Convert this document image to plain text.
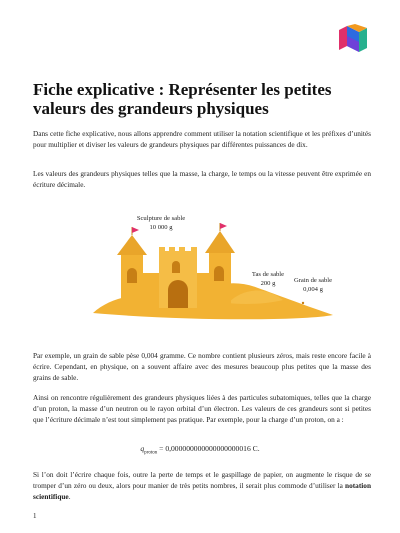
Fiche explicative : Représenter les petites valeurs des grandeurs physiques

Dans cette fiche explicative, nous allons apprendre comment utiliser la notation scientifique et les préfixes d’unités pour multiplier et diviser les valeurs de grandeurs physiques par différentes puissances de dix.

Les valeurs des grandeurs physiques telles que la masse, la charge, le temps ou la vitesse peuvent être exprimée en écriture décimale.

Sculpture de sable
10 000 g
Tas de sable
200 g	Grain de sable
0,004 g

Par exemple, un grain de sable pèse 0,004 gramme. Ce nombre contient plusieurs zéros, mais reste encore facile à écrire. Cependant, en physique, on a souvent affaire avec des mesures beaucoup plus petites que la masse des grains de sable.

Ainsi on rencontre régulièrement des grandeurs physiques liées à des particules subatomiques, telles que la charge d’un proton, la masse d’un neutron ou le rayon orbital d’un électron. Les valeurs de ces grandeurs sont si petites que l’écriture décimale n’est tout simplement pas pratique. Par exemple, pour la charge d’un proton, on a :

$q_{proton} = 0,000000000000000000016$ C.

Si l’on doit l’écrire chaque fois, outre la perte de temps et le gaspillage de papier, on augmente le risque de se tromper d’un zéro ou deux, alors pour manier de très petits nombres, il serait plus commode d’utiliser la notation scientifique.

1
